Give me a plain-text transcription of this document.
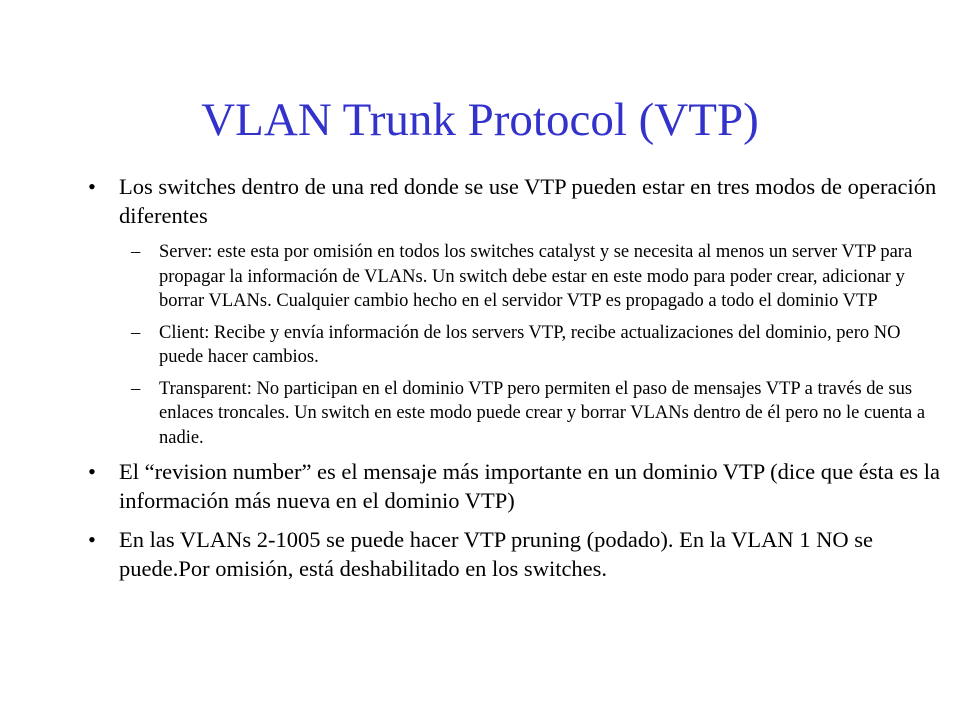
VLAN Trunk Protocol (VTP)
• Los switches dentro de una red donde se use VTP pueden estar en tres modos de operación diferentes
– Server: este esta por omisión en todos los switches catalyst y se necesita al menos un server VTP para propagar la información de VLANs. Un switch debe estar en este modo para poder crear, adicionar y borrar VLANs. Cualquier cambio hecho en el servidor VTP es propagado a todo el dominio VTP
– Client: Recibe y envía información de los servers VTP, recibe actualizaciones del dominio, pero NO puede hacer cambios.
– Transparent: No participan en el dominio VTP pero permiten el paso de mensajes VTP a través de sus enlaces troncales. Un switch en este modo puede crear y borrar VLANs dentro de él pero no le cuenta a nadie.
• El “revision number” es el mensaje más importante en un dominio VTP (dice que ésta es la información más nueva en el dominio VTP)
• En las VLANs 2-1005 se puede hacer VTP pruning (podado). En la VLAN 1 NO se puede.Por omisión, está deshabilitado en los switches.
